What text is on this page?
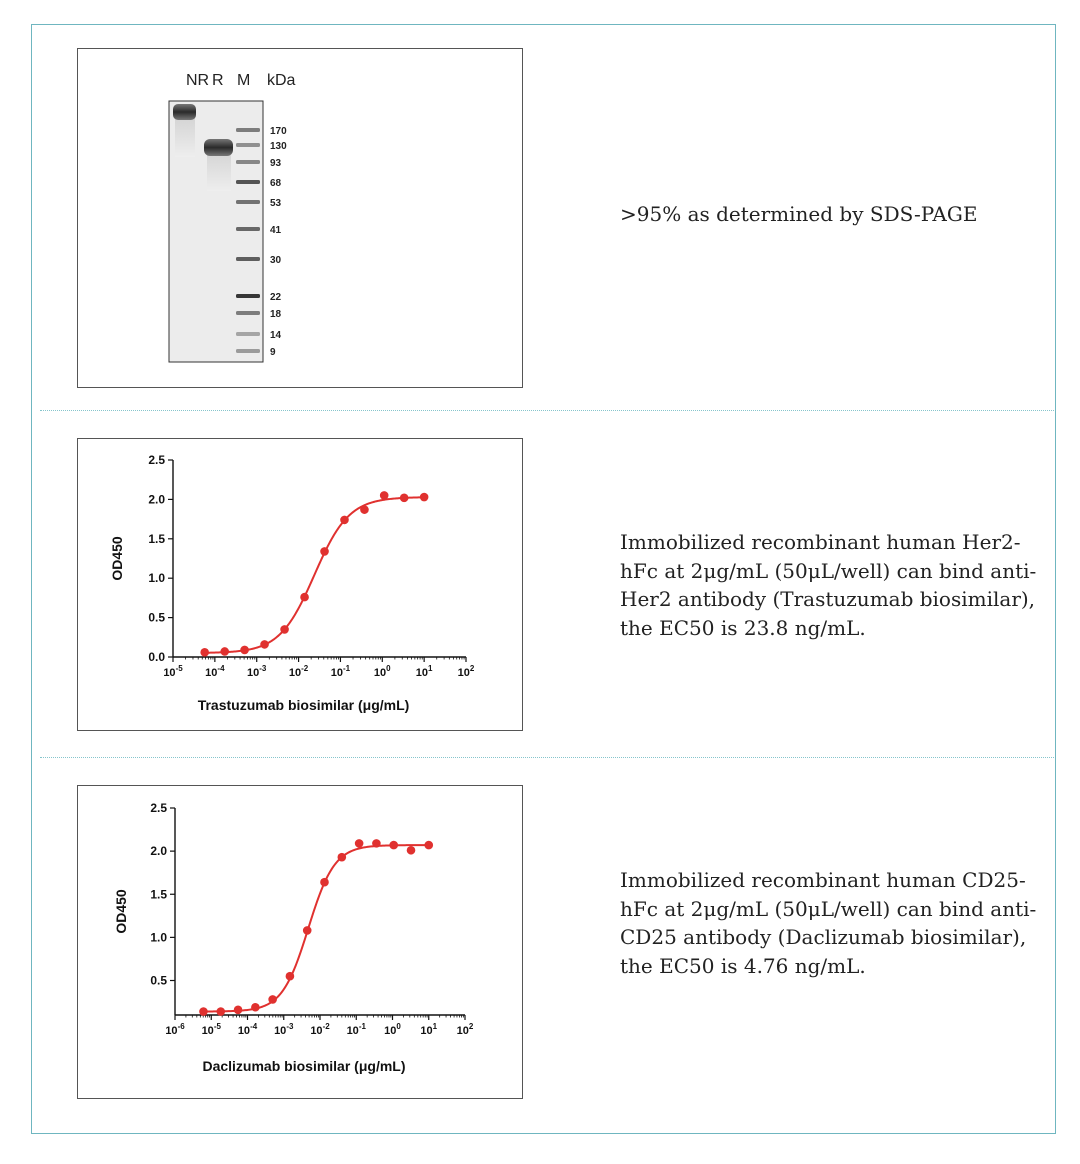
NR R M kDa
170
130
93
68
53
41
30
22
18
14
9
>95% as determined by SDS-PAGE
0.0
0.5
1.0
1.5
2.0
2.5
$10^{-5}$ $10^{-4}$ $10^{-3}$ $10^{-2}$ $10^{-1}$ $10^0$ $10^1$ $10^2$
OD450
Trastuzumab biosimilar (μg/mL)
Immobilized recombinant human Her2-hFc at 2μg/mL (50μL/well) can bind anti-Her2 antibody (Trastuzumab biosimilar), the EC50 is 23.8 ng/mL.
0.5
1.0
1.5
2.0
2.5
$10^{-6}$ $10^{-5}$ $10^{-4}$ $10^{-3}$ $10^{-2}$ $10^{-1}$ $10^0$ $10^1$ $10^2$
OD450
Daclizumab biosimilar (μg/mL)
Immobilized recombinant human CD25-hFc at 2μg/mL (50μL/well) can bind anti-CD25 antibody (Daclizumab biosimilar), the EC50 is 4.76 ng/mL.
